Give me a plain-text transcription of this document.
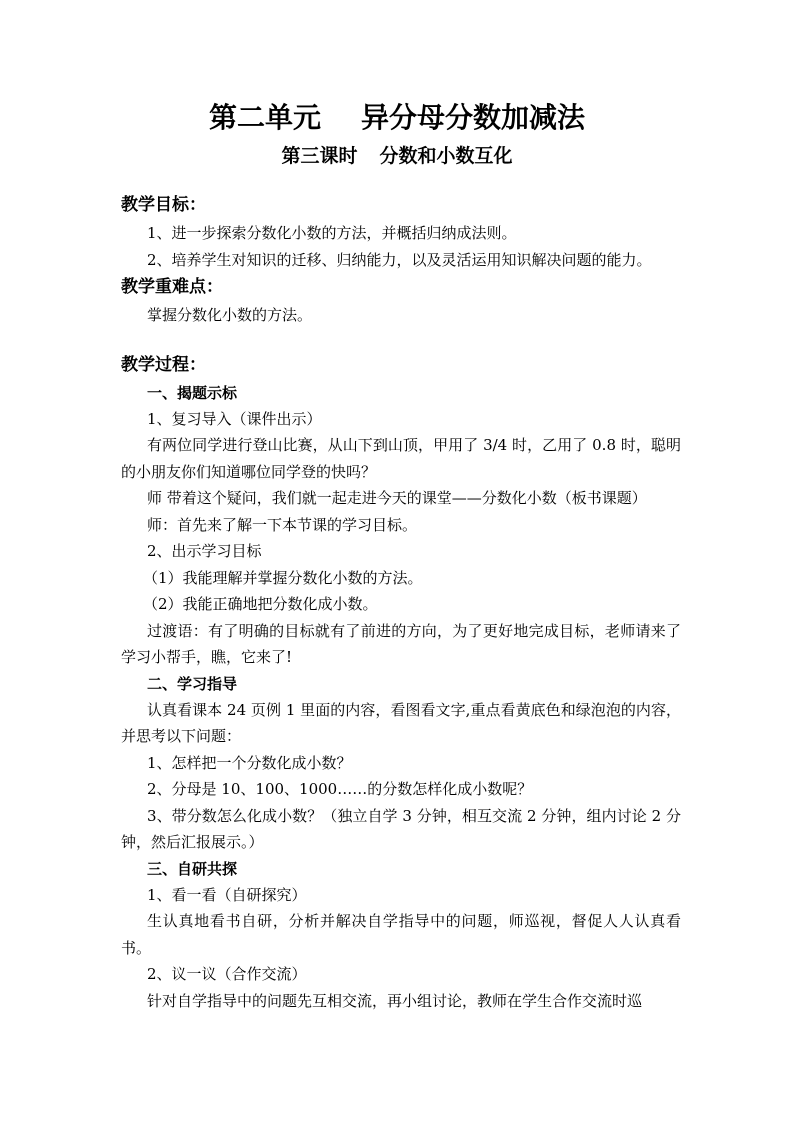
第二单元 异分母分数加减法
第三课时 分数和小数互化
教学目标：
1、进一步探索分数化小数的方法，并概括归纳成法则。
2、培养学生对知识的迁移、归纳能力，以及灵活运用知识解决问题的能力。
教学重难点：
掌握分数化小数的方法。
教学过程：
一、揭题示标
1、复习导入（课件出示）
有两位同学进行登山比赛，从山下到山顶，甲用了 3/4 时，乙用了 0.8 时，聪明的小朋友你们知道哪位同学登的快吗？
师 带着这个疑问，我们就一起走进今天的课堂——分数化小数（板书课题）
师：首先来了解一下本节课的学习目标。
2、出示学习目标
（1）我能理解并掌握分数化小数的方法。
（2）我能正确地把分数化成小数。
过渡语：有了明确的目标就有了前进的方向，为了更好地完成目标，老师请来了学习小帮手，瞧，它来了!
二、学习指导
认真看课本 24 页例 1 里面的内容，看图看文字,重点看黄底色和绿泡泡的内容，并思考以下问题：
1、怎样把一个分数化成小数？
2、分母是 10、100、1000……的分数怎样化成小数呢？
3、带分数怎么化成小数？（独立自学 3 分钟，相互交流 2 分钟，组内讨论 2 分钟，然后汇报展示。）
三、自研共探
1、看一看（自研探究）
生认真地看书自研，分析并解决自学指导中的问题，师巡视，督促人人认真看书。
2、议一议（合作交流）
针对自学指导中的问题先互相交流，再小组讨论，教师在学生合作交流时巡
